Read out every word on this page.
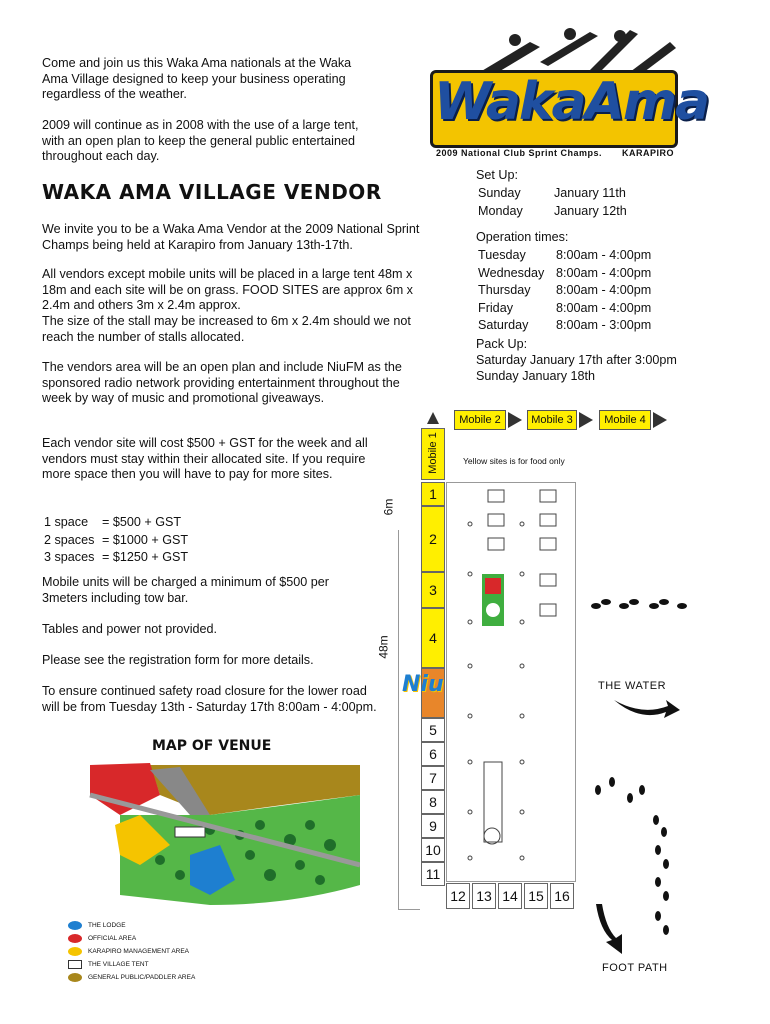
Come and join us this Waka Ama nationals at the Waka Ama Village designed to keep your business operating regardless of the weather.
2009 will continue as in 2008 with the use of a large tent, with an open plan to keep the general public entertained throughout each day.
WakaAma
2009 National Club Sprint Champs. KARAPIRO
WAKA AMA VILLAGE VENDOR
We invite you to be a Waka Ama Vendor at the 2009 National Sprint Champs being held at Karapiro from January 13th-17th.
All vendors except mobile units will be placed in a large tent 48m x 18m and each site will be on grass. FOOD SITES are approx 6m x 2.4m and others 3m x 2.4m approx.
The size of the stall may be increased to 6m x 2.4m should we not reach the number of stalls allocated.
The vendors area will be an open plan and include NiuFM as the sponsored radio network providing entertainment throughout the week by way of music and promotional giveaways.
Each vendor site will cost $500 + GST for the week and all vendors must stay within their allocated site. If you require more space then you will have to pay for more sites.
1 space	= $500 + GST
2 spaces	= $1000 + GST
3 spaces	= $1250 + GST
Mobile units will be charged a minimum of $500 per 3meters including tow bar.
Tables and power not provided.
Please see the registration form for more details.
To ensure continued safety road closure for the lower road will be from Tuesday 13th - Saturday 17th 8:00am - 4:00pm.
Set Up:
Sunday	January 11th
Monday	January 12th
Operation times:
Tuesday	8:00am - 4:00pm
Wednesday	8:00am - 4:00pm
Thursday	8:00am - 4:00pm
Friday	8:00am - 4:00pm
Saturday	8:00am - 3:00pm
Pack Up:
Saturday January 17th after 3:00pm
Sunday January 18th
Mobile 2	Mobile 3	Mobile 4
Mobile 1	Yellow sites is for food only
6m
48m
1
2
3
4
5
6
7
8
9
10
11
Niu
12 13 14 15 16
THE WATER
FOOT PATH
MAP OF VENUE
THE LODGE
OFFICIAL AREA
KARAPIRO MANAGEMENT AREA
THE VILLAGE TENT
GENERAL PUBLIC/PADDLER AREA
